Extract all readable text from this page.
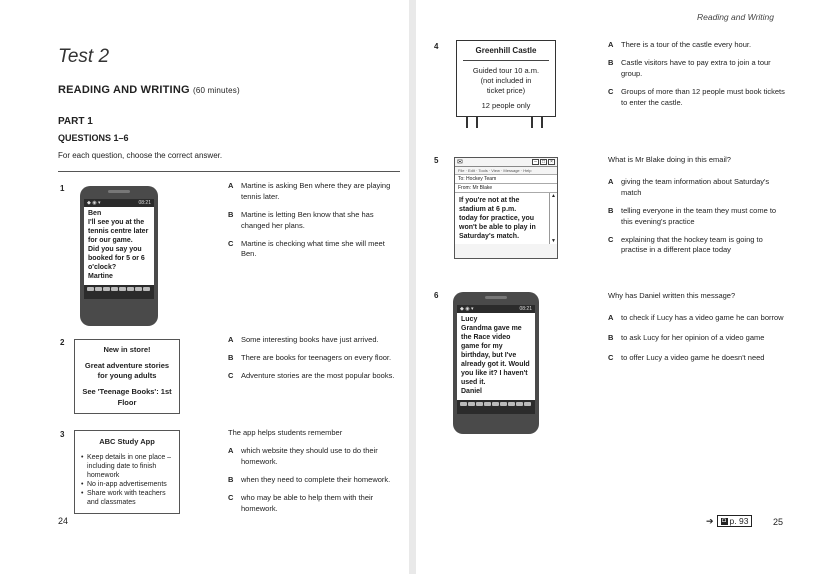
Test 2
READING AND WRITING (60 minutes)
PART 1
QUESTIONS 1–6
For each question, choose the correct answer.
1
◆ ◉ ▾	08:21
Ben
I'll see you at the
tennis centre later
for our game.
Did you say you
booked for 5 or 6
o'clock?
Martine
A	Martine is asking Ben where they are playing tennis later.
B	Martine is letting Ben know that she has changed her plans.
C	Martine is checking what time she will meet Ben.
2
New in store!
Great adventure stories for young adults
See 'Teenage Books': 1st Floor
A	Some interesting books have just arrived.
B	There are books for teenagers on every floor.
C	Adventure stories are the most popular books.
3
ABC Study App
• Keep details in one place – including date to finish homework
• No in-app advertisements
• Share work with teachers and classmates
The app helps students remember
A	which website they should use to do their homework.
B	when they need to complete their homework.
C	who may be able to help them with their homework.
24
Reading and Writing
4	Greenhill Castle
Guided tour 10 a.m.
(not included in
ticket price)
12 people only
A	There is a tour of the castle every hour.
B	Castle visitors have to pay extra to join a tour group.
C	Groups of more than 12 people must book tickets to enter the castle.
5	✉	–	□	×
File · Edit · Tools · View · Message · Help
To: Hockey Team
From: Mr Blake
If you're not at the
stadium at 6 p.m.
today for practice, you
won't be able to play in
Saturday's match.
▲
▼
What is Mr Blake doing in this email?
A	giving the team information about Saturday's match
B	telling everyone in the team they must come to this evening's practice
C	explaining that the hockey team is going to practise in a different place today
6
◆ ◉ ▾	08:21
Lucy
Grandma gave me
the Race video
game for my
birthday, but I've
already got it. Would
you like it? I haven't
used it.
Daniel
Why has Daniel written this message?
A	to check if Lucy has a video game he can borrow
B	to ask Lucy for her opinion of a video game
C	to offer Lucy a video game he doesn't need
➔ ◘ p. 93	25
